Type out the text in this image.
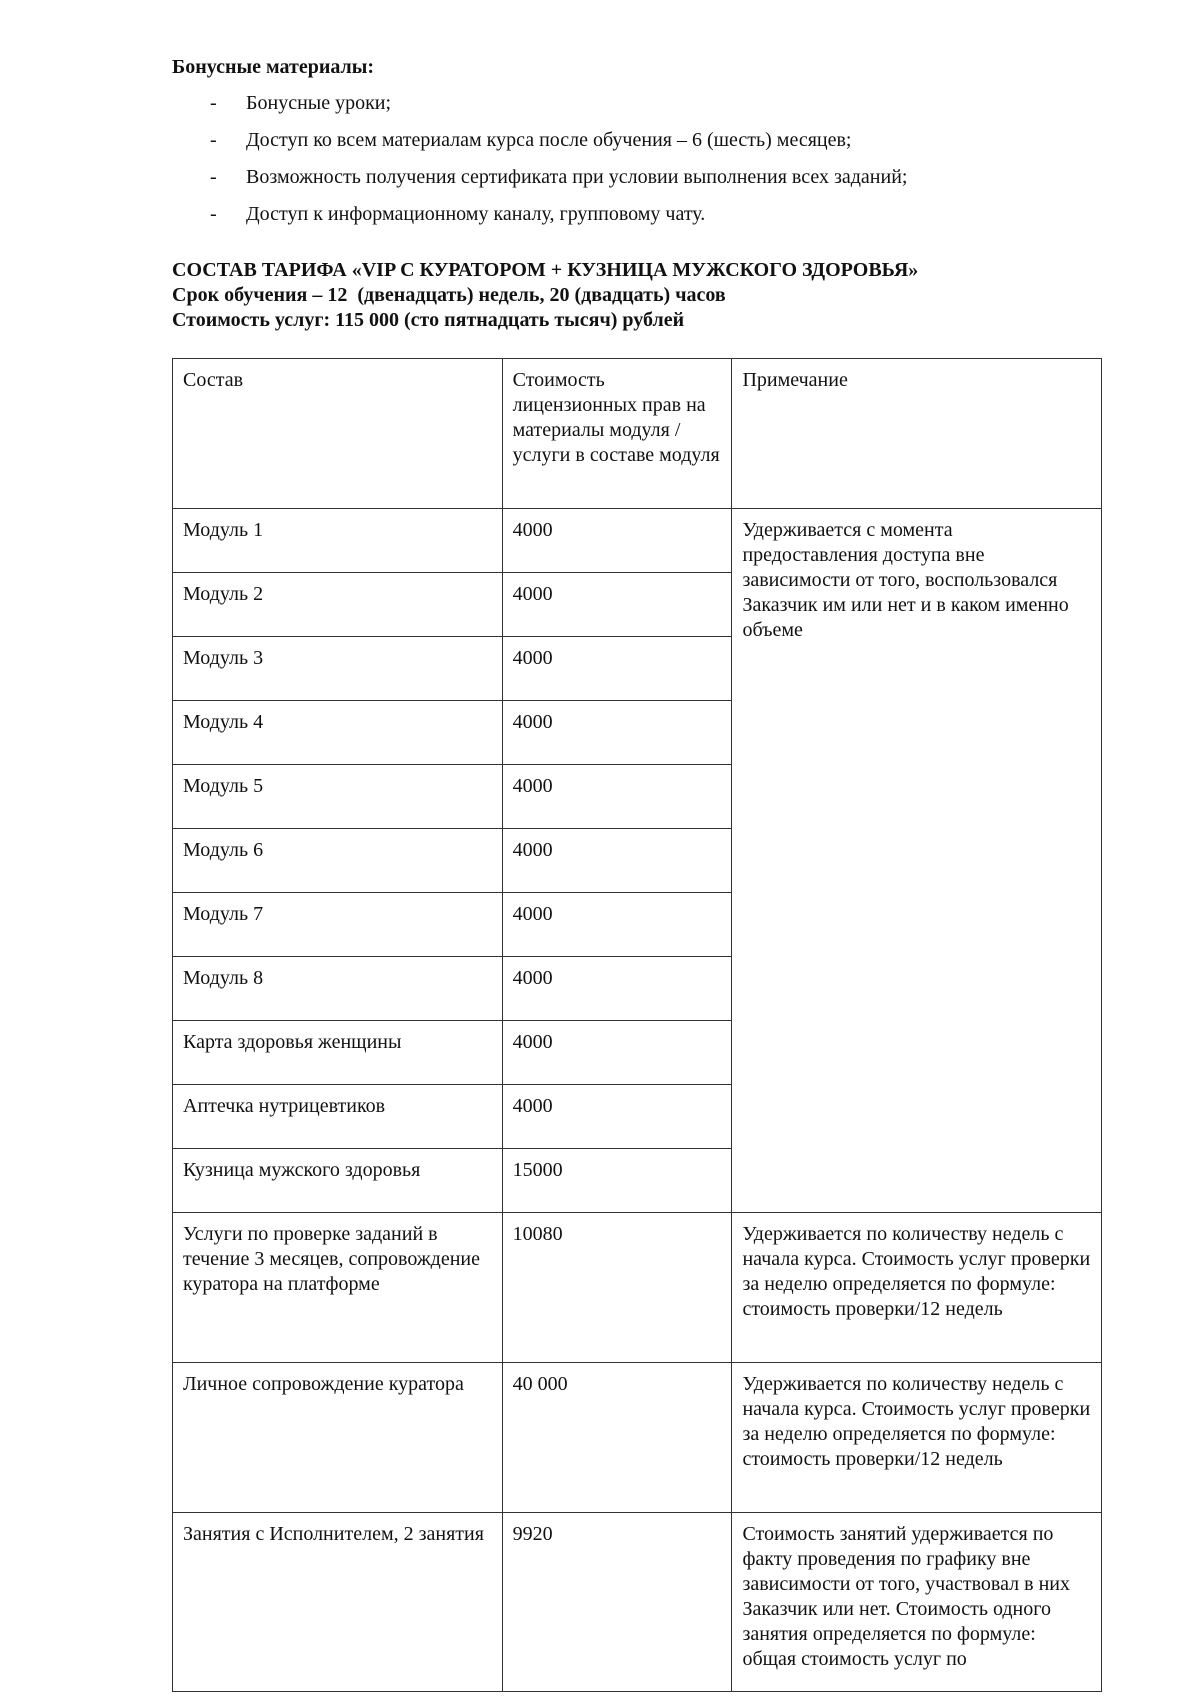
Бонусные материалы:
- Бонусные уроки;
- Доступ ко всем материалам курса после обучения – 6 (шесть) месяцев;
- Возможность получения сертификата при условии выполнения всех заданий;
- Доступ к информационному каналу, групповому чату.
СОСТАВ ТАРИФА «VIP С КУРАТОРОМ + КУЗНИЦА МУЖСКОГО ЗДОРОВЬЯ»
Срок обучения – 12  (двенадцать) недель, 20 (двадцать) часов
Стоимость услуг: 115 000 (сто пятнадцать тысяч) рублей
Состав	Стоимость лицензионных прав на материалы модуля / услуги в составе модуля	Примечание
Модуль 1	4000	Удерживается с момента предоставления доступа вне зависимости от того, воспользовался Заказчик им или нет и в каком именно объеме
Модуль 2	4000	
Модуль 3	4000	
Модуль 4	4000	
Модуль 5	4000	
Модуль 6	4000	
Модуль 7	4000	
Модуль 8	4000	
Карта здоровья женщины	4000	
Аптечка нутрицевтиков	4000	
Кузница мужского здоровья	15000	
Услуги по проверке заданий в течение 3 месяцев, сопровождение куратора на платформе	10080	Удерживается по количеству недель с начала курса. Стоимость услуг проверки за неделю определяется по формуле: стоимость проверки/12 недель
Личное сопровождение куратора	40 000	Удерживается по количеству недель с начала курса. Стоимость услуг проверки за неделю определяется по формуле: стоимость проверки/12 недель
Занятия с Исполнителем, 2 занятия	9920	Стоимость занятий удерживается по факту проведения по графику вне зависимости от того, участвовал в них Заказчик или нет. Стоимость одного занятия определяется по формуле: общая стоимость услуг по
